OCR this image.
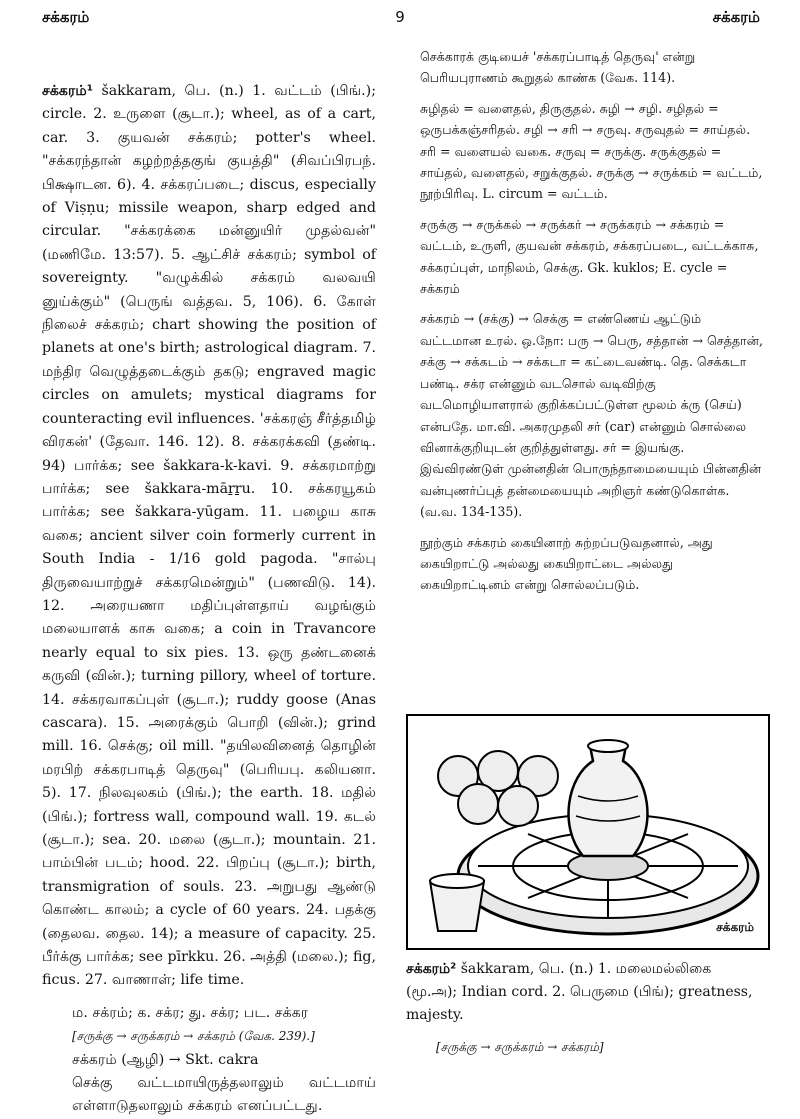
சக்கரம்	9	சக்கரம்

சக்கரம்¹ šakkaram, பெ. (n.) 1. வட்டம் (பிங்.); circle. 2. உருளை (சூடா.); wheel, as of a cart, car. 3. குயவன் சக்கரம்; potter's wheel. "சக்கரந்தான் கழற்றத்தகுங் குயத்தி" (சிவப்பிரபந். பிக்ஷாடன. 6). 4. சக்கரப்படை; discus, especially of Viṣṇu; missile weapon, sharp edged and circular. "சக்கரக்கை மன்னுயிர் முதல்வன்" (மணிமே. 13:57). 5. ஆட்சிச் சக்கரம்; symbol of sovereignty. "வழுக்கில் சக்கரம் வலவயி னுய்க்கும்" (பெருங் வத்தவ. 5, 106). 6. கோள் நிலைச் சக்கரம்; chart showing the position of planets at one's birth; astrological diagram. 7. மந்திர வெழுத்தடைக்கும் தகடு; engraved magic circles on amulets; mystical diagrams for counteracting evil influences. 'சக்கரஞ் சீர்த்தமிழ் விரகன்' (தேவா. 146. 12). 8. சக்கரக்கவி (தண்டி. 94) பார்க்க; see šakkara-k-kavi. 9. சக்கரமாற்று பார்க்க; see šakkara-māṟṟu. 10. சக்கரயூகம் பார்க்க; see šakkara-yūgam. 11. பழைய காசு வகை; ancient silver coin formerly current in South India - 1/16 gold pagoda. "சால்பு திருவையாற்றுச் சக்கரமென்றும்" (பணவிடு. 14). 12. அரையணா மதிப்புள்ளதாய் வழங்கும் மலையாளக் காசு வகை; a coin in Travancore nearly equal to six pies. 13. ஒரு தண்டனைக் கருவி (வின்.); turning pillory, wheel of torture. 14. சக்கரவாகப்புள் (சூடா.); ruddy goose (Anas cascara). 15. அரைக்கும் பொறி (வின்.); grind mill. 16. செக்கு; oil mill. "தயிலவினைத் தொழின் மரபிற் சக்கரபாடித் தெருவு" (பெரியபு. கலியனா. 5). 17. நிலவுலகம் (பிங்.); the earth. 18. மதில் (பிங்.); fortress wall, compound wall. 19. கடல் (சூடா.); sea. 20. மலை (சூடா.); mountain. 21. பாம்பின் படம்; hood. 22. பிறப்பு (சூடா.); birth, transmigration of souls. 23. அறுபது ஆண்டு கொண்ட காலம்; a cycle of 60 years. 24. பதக்கு (தைலவ. தைல. 14); a measure of capacity. 25. பீர்க்கு பார்க்க; see pīrkku. 26. அத்தி (மலை.); fig, ficus. 27. வாணாள்; life time.

ம. சக்ரம்; க. சக்ர; து. சக்ர; பட. சக்கர

[சருக்கு → சருக்கரம் → சக்கரம் (வேக. 239).]

சக்கரம் (ஆழி) → Skt. cakra

செக்கு வட்டமாயிருத்தலாலும் வட்டமாய் எள்ளாடுதலாலும் சக்கரம் எனப்பட்டது.

செக்காரக் குடியைச் 'சக்கரப்பாடித் தெருவு' என்று பெரியபுராணம் கூறுதல் காண்க (வேக. 114).

சுழிதல் = வளைதல், திருகுதல். சுழி → சழி. சழிதல் = ஒருபக்கஞ்சரிதல். சழி → சரி → சருவு. சருவுதல் = சாய்தல். சரி = வளையல் வகை. சருவு = சருக்கு. சருக்குதல் = சாய்தல், வளைதல், சறுக்குதல். சருக்கு → சருக்கம் = வட்டம், நூற்பிரிவு. L. circum = வட்டம்.

சருக்கு → சருக்கல் → சருக்கர் → சருக்கரம் → சக்கரம் = வட்டம், உருளி, குயவன் சக்கரம், சக்கரப்படை, வட்டக்காசு, சக்கரப்புள், மாநிலம், செக்கு. Gk. kuklos; E. cycle = சக்கரம்

சக்கரம் → (சக்கு) → செக்கு = எண்ணெய் ஆட்டும் வட்டமான உரல். ஒ.நோ: பரு → பெரு, சத்தான் → செத்தான், சக்கு → சக்கடம் → சக்கடா = கட்டைவண்டி. தெ. செக்கடா பண்டி. சக்ர என்னும் வடசொல் வடிவிற்கு வடமொழியாளரால் குறிக்கப்பட்டுள்ள மூலம் க்ரு (செய்) என்பதே. மா.வி. அகரமுதலி சர் (car) என்னும் சொல்லை வினாக்குறியுடன் குறித்துள்ளது. சர் = இயங்கு. இவ்விரண்டுள் முன்னதின் பொருந்தாமையையும் பின்னதின் வன்புணர்ப்புத் தன்மையையும் அறிஞர் கண்டுகொள்க. (வ.வ. 134-135).

நூற்கும் சக்கரம் கையினாற் சுற்றப்படுவதனால், அது கையிறாட்டு அல்லது கையிறாட்டை அல்லது கையிறாட்டினம் என்று சொல்லப்படும்.

சக்கரம்

சக்கரம்² šakkaram, பெ. (n.) 1. மலைமல்லிகை (மூ.அ); Indian cord. 2. பெருமை (பிங்); greatness, majesty.

[சருக்கு → சருக்கரம் → சக்கரம்]
